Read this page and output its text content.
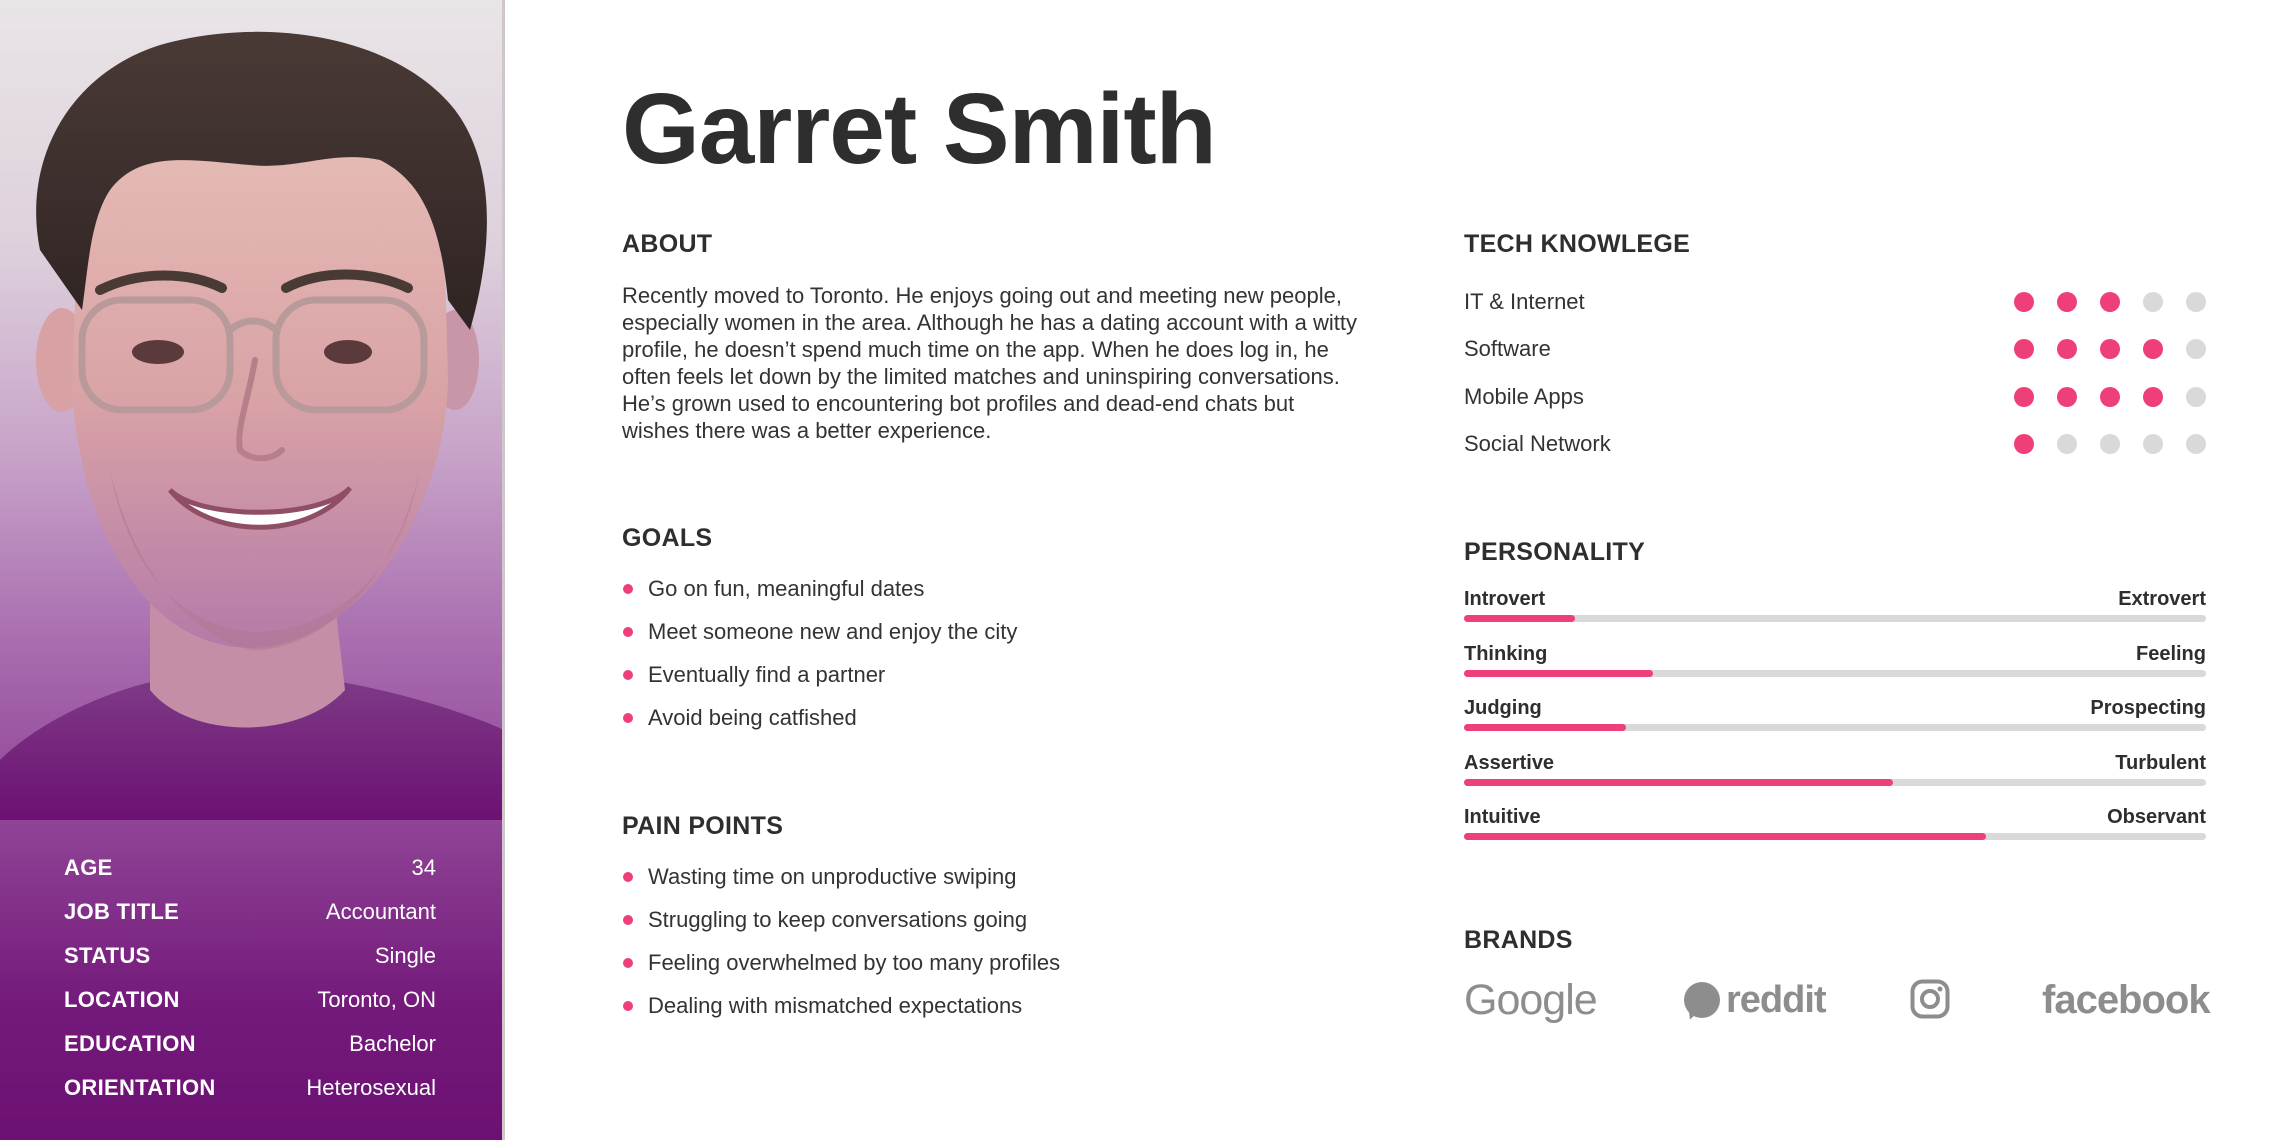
AGE	34
JOB TITLE	Accountant
STATUS	Single
LOCATION	Toronto, ON
EDUCATION	Bachelor
ORIENTATION	Heterosexual
Garret Smith
ABOUT

Recently moved to Toronto. He enjoys going out and meeting new people, especially women in the area. Although he has a dating account with a witty profile, he doesn’t spend much time on the app. When he does log in, he often feels let down by the limited matches and uninspiring conversations. He’s grown used to encountering bot profiles and dead-end chats but wishes there was a better experience.

GOALS
Go on fun, meaningful dates
Meet someone new and enjoy the city
Eventually find a partner
Avoid being catfished
PAIN POINTS
Wasting time on unproductive swiping
Struggling to keep conversations going
Feeling overwhelmed by too many profiles
Dealing with mismatched expectations
TECH KNOWLEGE
IT & Internet
Software
Mobile Apps
Social Network
PERSONALITY
Introvert	Extrovert
Thinking	Feeling
Judging	Prospecting
Assertive	Turbulent
Intuitive	Observant
BRANDS
Google	reddit	facebook
